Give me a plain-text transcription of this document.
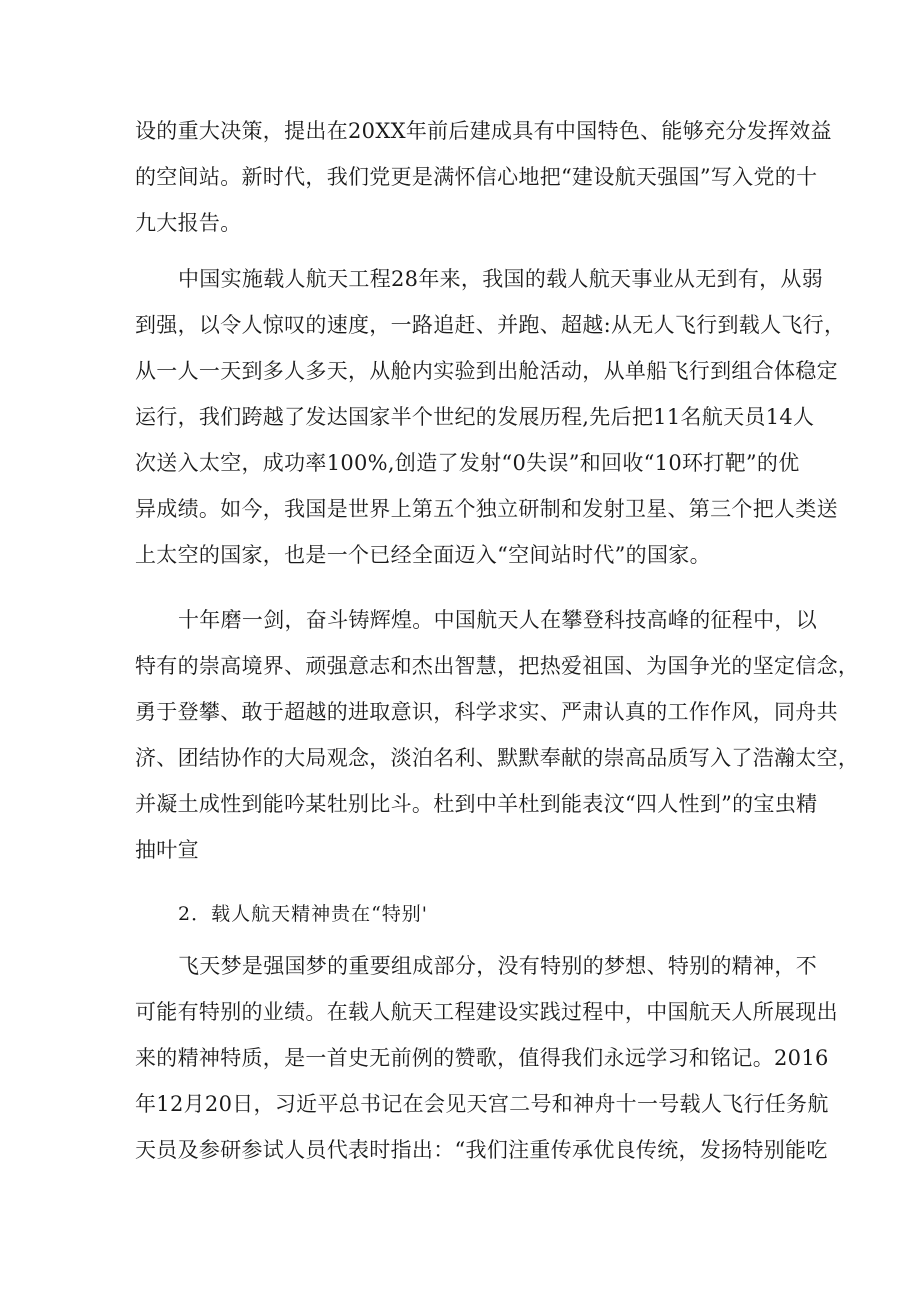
设的重大决策，提出在20XX年前后建成具有中国特色、能够充分发挥效益
的空间站。新时代，我们党更是满怀信心地把“建设航天强国”写入党的十
九大报告。
中国实施载人航天工程28年来，我国的载人航天事业从无到有，从弱
到强，以令人惊叹的速度，一路追赶、并跑、超越:从无人飞行到载人飞行，
从一人一天到多人多天，从舱内实验到出舱活动，从单船飞行到组合体稳定
运行，我们跨越了发达国家半个世纪的发展历程,先后把11名航天员14人
次送入太空，成功率100%,创造了发射“0失误”和回收“10环打靶”的优
异成绩。如今，我国是世界上第五个独立研制和发射卫星、第三个把人类送
上太空的国家，也是一个已经全面迈入“空间站时代”的国家。
十年磨一剑，奋斗铸辉煌。中国航天人在攀登科技高峰的征程中，以
特有的崇高境界、顽强意志和杰出智慧，把热爱祖国、为国争光的坚定信念，
勇于登攀、敢于超越的进取意识，科学求实、严肃认真的工作作风，同舟共
济、团结协作的大局观念，淡泊名利、默默奉献的崇高品质写入了浩瀚太空，
并凝土成性到能吟某牡别比斗。杜到中羊杜到能表汶“四人性到”的宝虫精
抽叶宣
2．载人航天精神贵在“特别'
飞天梦是强国梦的重要组成部分，没有特别的梦想、特别的精神，不
可能有特别的业绩。在载人航天工程建设实践过程中，中国航天人所展现出
来的精神特质，是一首史无前例的赞歌，值得我们永远学习和铭记。2016
年12月20日，习近平总书记在会见天宫二号和神舟十一号载人飞行任务航
天员及参研参试人员代表时指出：“我们注重传承优良传统，发扬特别能吃
